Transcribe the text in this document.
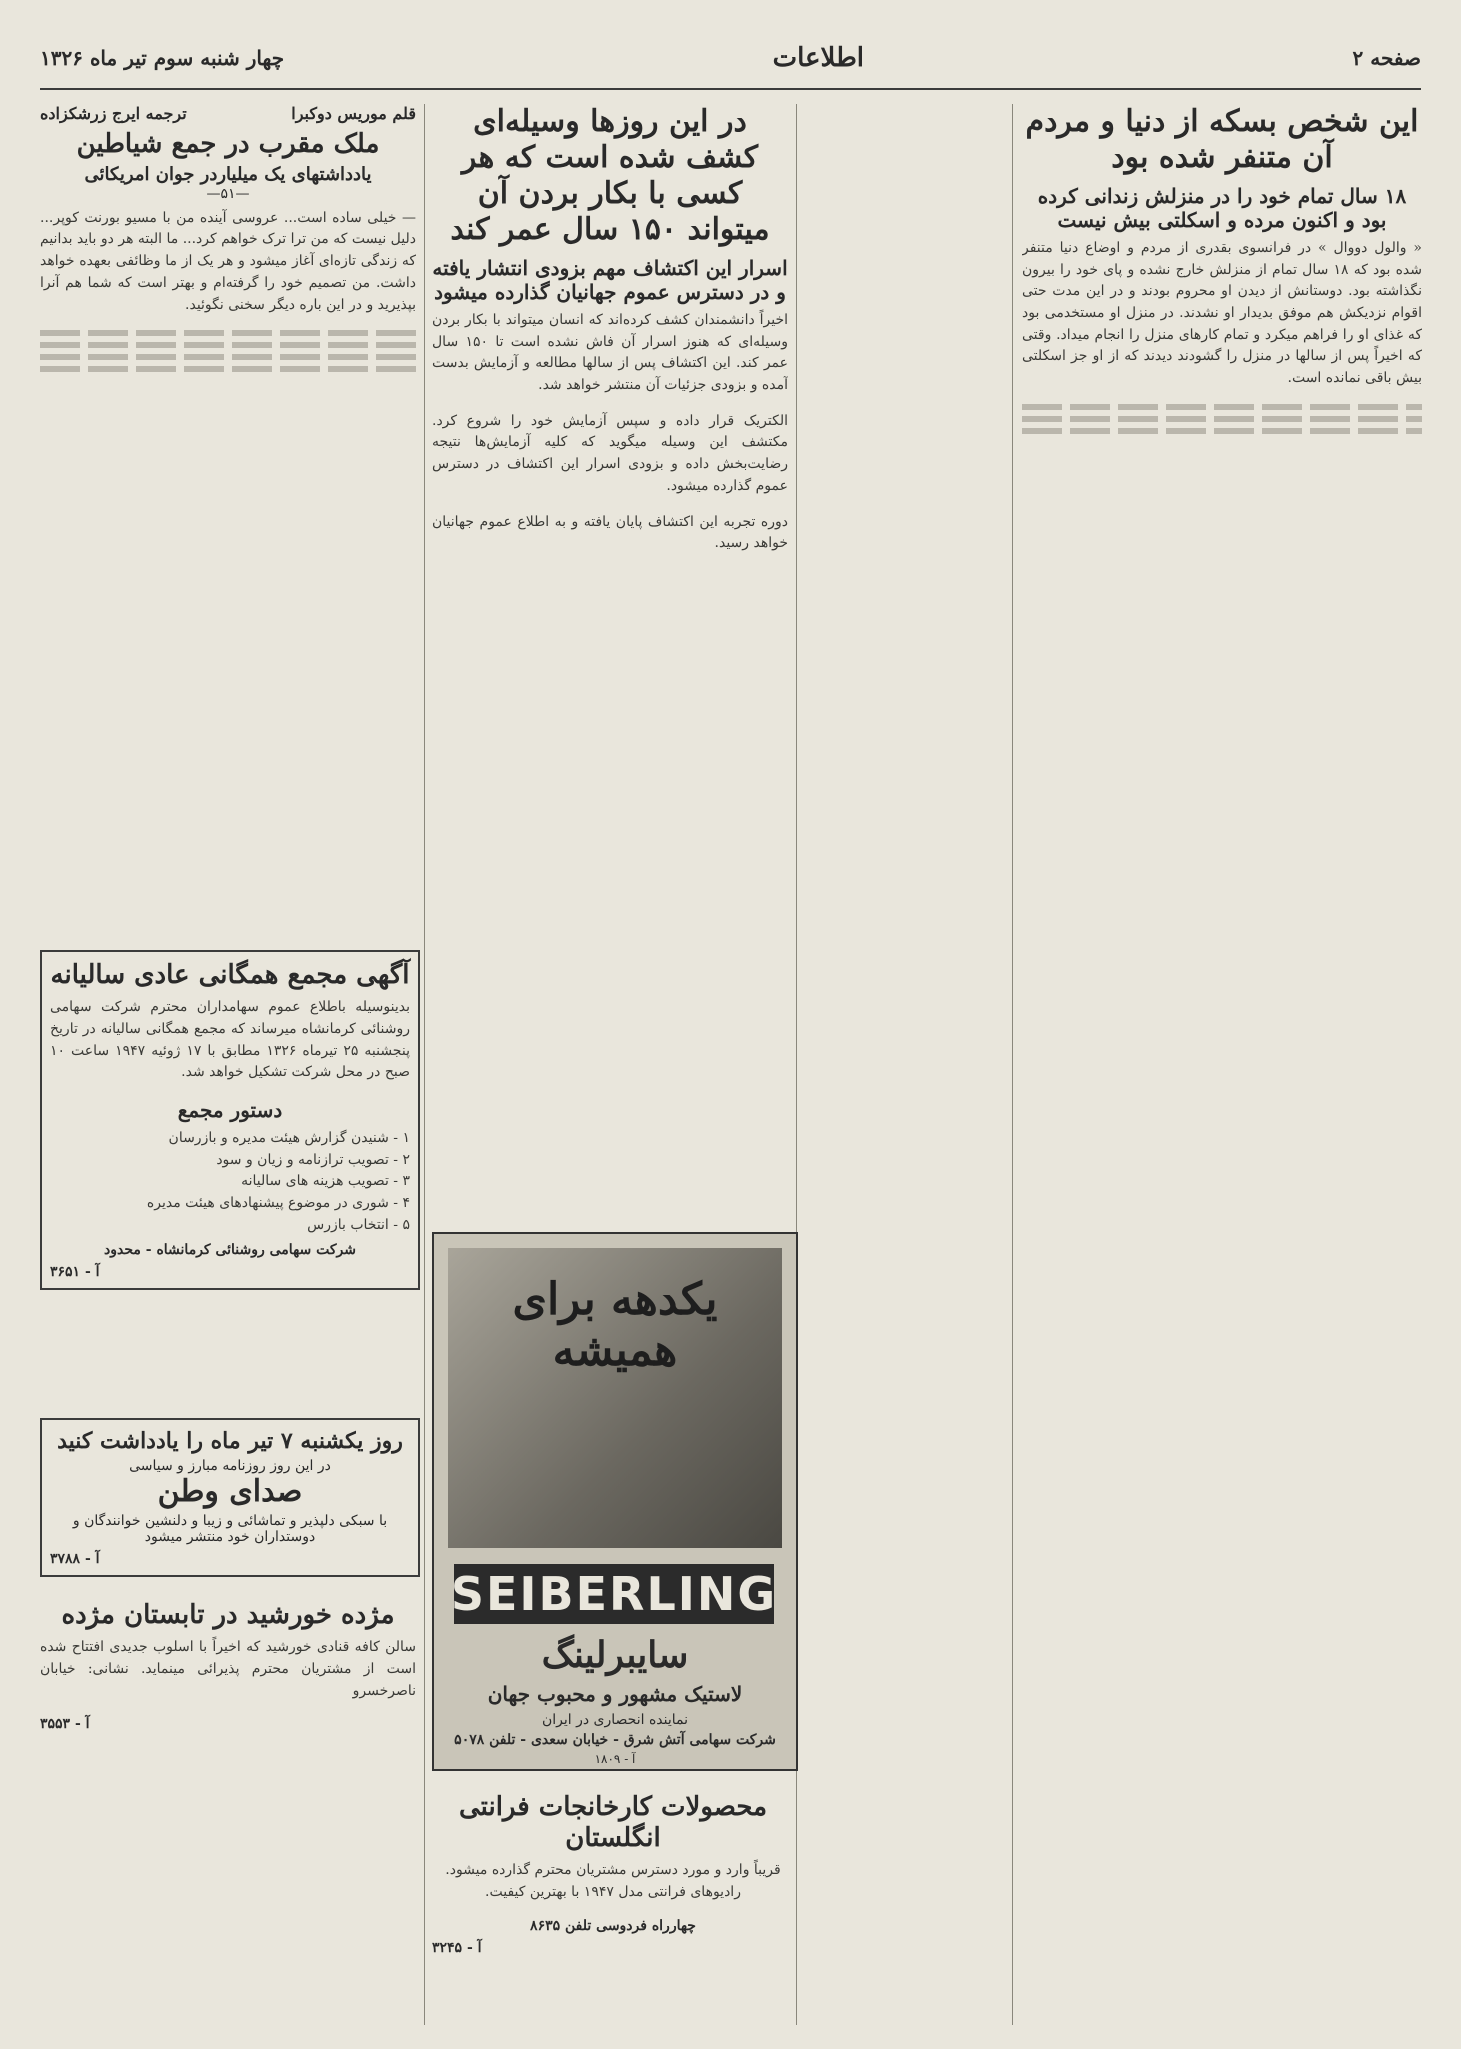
صفحه ۲
اطلاعات
چهار شنبه سوم تیر ماه ۱۳۲۶
این شخص بسکه از دنیا و مردم آن متنفر شده بود
۱۸ سال تمام خود را در منزلش زندانی کرده بود و اکنون مرده و اسکلتی بیش نیست

« والول دووال » در فرانسوی بقدری از مردم و اوضاع دنیا متنفر شده بود که ۱۸ سال تمام از منزلش خارج نشده و پای خود را بیرون نگذاشته بود. دوستانش از دیدن او محروم بودند و در این مدت حتی اقوام نزدیکش هم موفق بدیدار او نشدند. در منزل او مستخدمی بود که غذای او را فراهم میکرد و تمام کارهای منزل را انجام میداد. وقتی که اخیراً پس از سالها در منزل را گشودند دیدند که از او جز اسکلتی بیش باقی نمانده است.

در این روزها وسیله‌ای کشف شده است که هر کسی با بکار بردن آن میتواند ۱۵۰ سال عمر کند
اسرار این اکتشاف مهم بزودی انتشار یافته و در دسترس عموم جهانیان گذارده میشود

اخیراً دانشمندان کشف کرده‌اند که انسان میتواند با بکار بردن وسیله‌ای که هنوز اسرار آن فاش نشده است تا ۱۵۰ سال عمر کند. این اکتشاف پس از سالها مطالعه و آزمایش بدست آمده و بزودی جزئیات آن منتشر خواهد شد.

الکتریک قرار داده و سپس آزمایش خود را شروع کرد. مکتشف این وسیله میگوید که کلیه آزمایش‌ها نتیجه رضایت‌بخش داده و بزودی اسرار این اکتشاف در دسترس عموم گذارده میشود.

دوره تجربه این اکتشاف پایان یافته و به اطلاع عموم جهانیان خواهد رسید.

یکدهه برای همیشه
SEIBERLING
سایبرلینگ
لاستیک مشهور و محبوب جهان
نماینده انحصاری در ایران
شرکت سهامی آتش شرق - خیابان سعدی - تلفن ۵۰۷۸
آ - ۱۸۰۹
محصولات کارخانجات فرانتی انگلستان

قریباً وارد و مورد دسترس مشتریان محترم گذارده میشود. رادیوهای فرانتی مدل ۱۹۴۷ با بهترین کیفیت.

چهارراه فردوسی تلفن ۸۶۳۵
آ - ۳۲۴۵
قلم موریس دوکبرا
ترجمه ایرج زرشکزاده
ملک مقرب در جمع شیاطین
یادداشتهای یک میلیاردر جوان امریکائی
—۵۱—

— خیلی ساده است... عروسی آینده من با مسیو بورنت کوپر... دلیل نیست که من ترا ترک خواهم کرد... ما البته هر دو باید بدانیم که زندگی تازه‌ای آغاز میشود و هر یک از ما وظائفی بعهده خواهد داشت. من تصمیم خود را گرفته‌ام و بهتر است که شما هم آنرا بپذیرید و در این باره دیگر سخنی نگوئید.

آگهی مجمع همگانی عادی سالیانه

بدینوسیله باطلاع عموم سهامداران محترم شرکت سهامی روشنائی کرمانشاه میرساند که مجمع همگانی سالیانه در تاریخ پنجشنبه ۲۵ تیرماه ۱۳۲۶ مطابق با ۱۷ ژوئیه ۱۹۴۷ ساعت ۱۰ صبح در محل شرکت تشکیل خواهد شد.

دستور مجمع
۱ - شنیدن گزارش هیئت مدیره و بازرسان
۲ - تصویب ترازنامه و زیان و سود
۳ - تصویب هزینه های سالیانه
۴ - شوری در موضوع پیشنهادهای هیئت مدیره
۵ - انتخاب بازرس
شرکت سهامی روشنائی کرمانشاه - محدود
آ - ۳۶۵۱
روز یکشنبه ۷ تیر ماه را یادداشت کنید
در این روز روزنامه مبارز و سیاسی
صدای وطن
با سبکی دلپذیر و تماشائی و زیبا و دلنشین خوانندگان و دوستداران خود منتشر میشود
آ - ۳۷۸۸
مژده خورشید در تابستان مژده

سالن کافه قنادی خورشید که اخیراً با اسلوب جدیدی افتتاح شده است از مشتریان محترم پذیرائی مینماید. نشانی: خیابان ناصرخسرو

آ - ۳۵۵۳
